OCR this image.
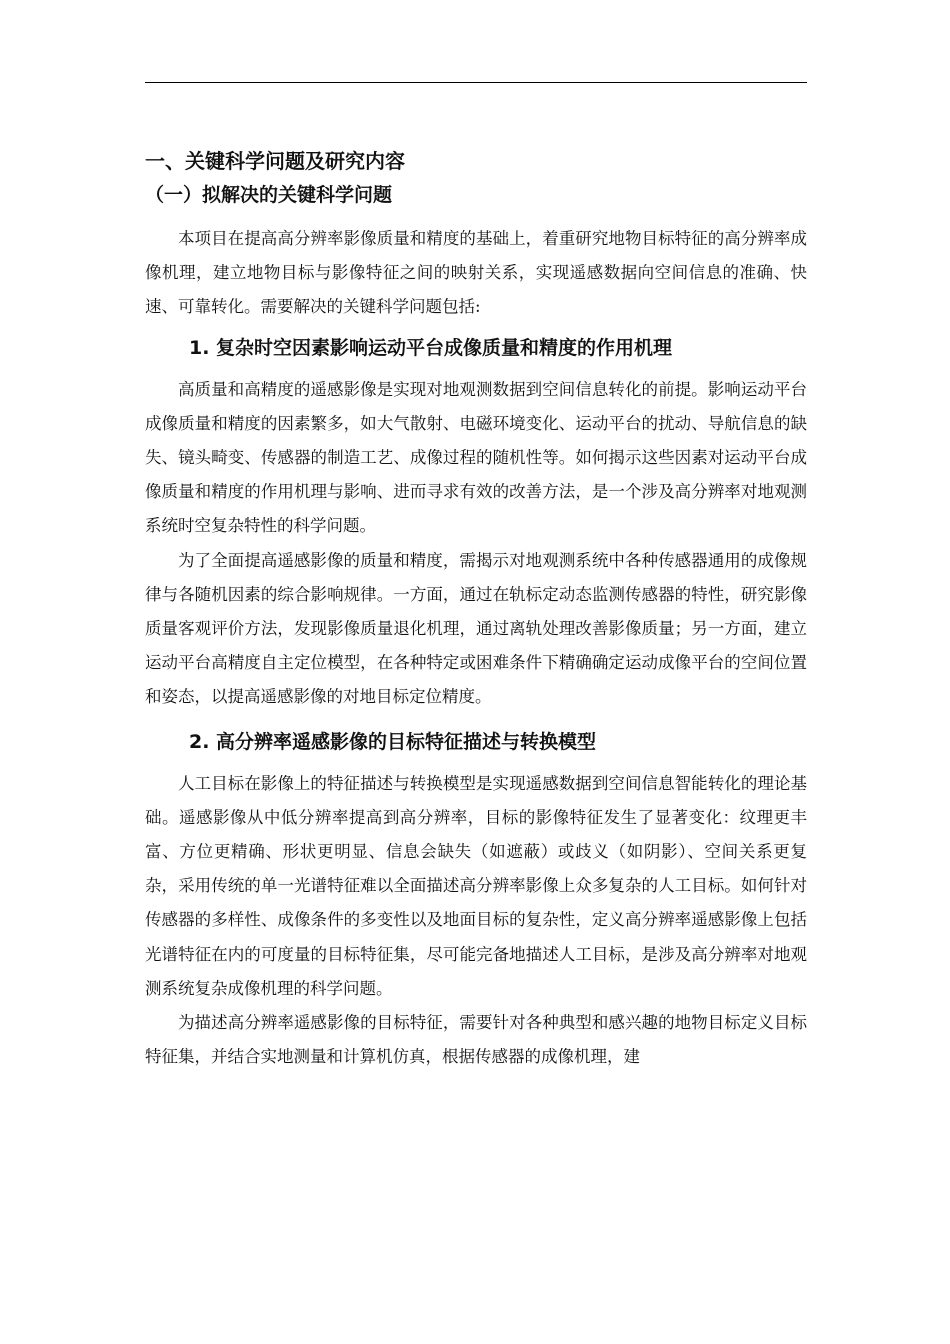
一、关键科学问题及研究内容
（一）拟解决的关键科学问题

本项目在提高高分辨率影像质量和精度的基础上，着重研究地物目标特征的高分辨率成像机理，建立地物目标与影像特征之间的映射关系，实现遥感数据向空间信息的准确、快速、可靠转化。需要解决的关键科学问题包括:

1. 复杂时空因素影响运动平台成像质量和精度的作用机理

高质量和高精度的遥感影像是实现对地观测数据到空间信息转化的前提。影响运动平台成像质量和精度的因素繁多，如大气散射、电磁环境变化、运动平台的扰动、导航信息的缺失、镜头畸变、传感器的制造工艺、成像过程的随机性等。如何揭示这些因素对运动平台成像质量和精度的作用机理与影响、进而寻求有效的改善方法，是一个涉及高分辨率对地观测系统时空复杂特性的科学问题。

为了全面提高遥感影像的质量和精度，需揭示对地观测系统中各种传感器通用的成像规律与各随机因素的综合影响规律。一方面，通过在轨标定动态监测传感器的特性，研究影像质量客观评价方法，发现影像质量退化机理，通过离轨处理改善影像质量；另一方面，建立运动平台高精度自主定位模型，在各种特定或困难条件下精确确定运动成像平台的空间位置和姿态，以提高遥感影像的对地目标定位精度。

2. 高分辨率遥感影像的目标特征描述与转换模型

人工目标在影像上的特征描述与转换模型是实现遥感数据到空间信息智能转化的理论基础。遥感影像从中低分辨率提高到高分辨率，目标的影像特征发生了显著变化：纹理更丰富、方位更精确、形状更明显、信息会缺失（如遮蔽）或歧义（如阴影）、空间关系更复杂，采用传统的单一光谱特征难以全面描述高分辨率影像上众多复杂的人工目标。如何针对传感器的多样性、成像条件的多变性以及地面目标的复杂性，定义高分辨率遥感影像上包括光谱特征在内的可度量的目标特征集，尽可能完备地描述人工目标，是涉及高分辨率对地观测系统复杂成像机理的科学问题。

为描述高分辨率遥感影像的目标特征，需要针对各种典型和感兴趣的地物目标定义目标特征集，并结合实地测量和计算机仿真，根据传感器的成像机理，建
